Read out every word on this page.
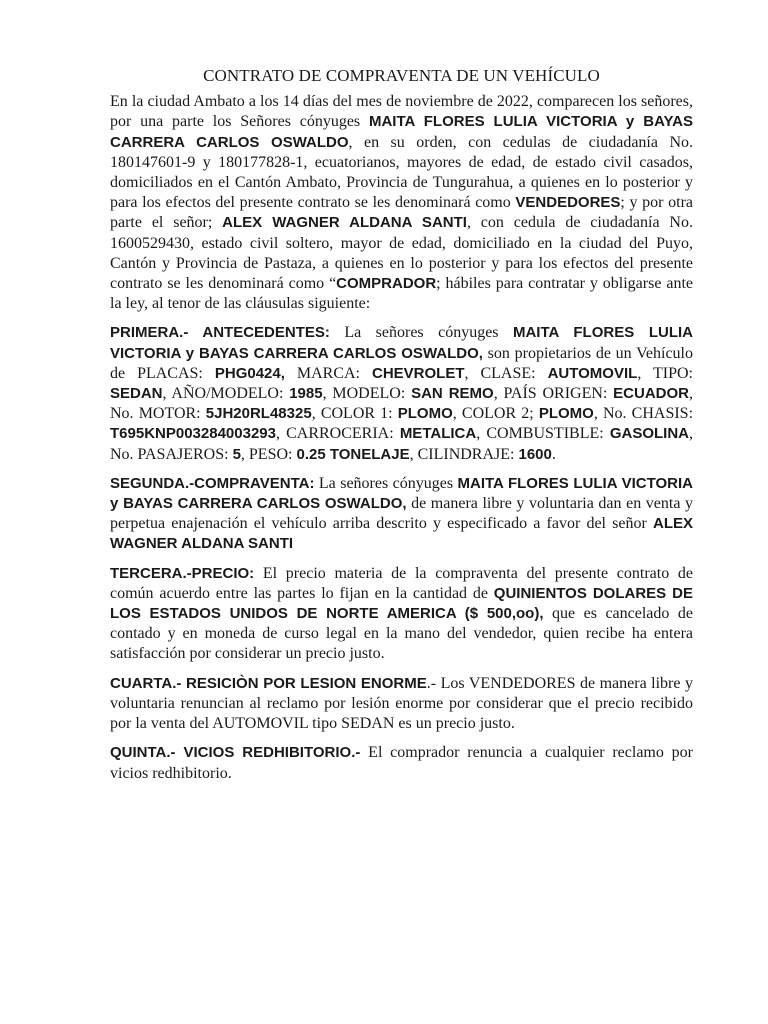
CONTRATO DE COMPRAVENTA DE UN VEHÍCULO

En la ciudad Ambato a los 14 días del mes de noviembre de 2022, comparecen los señores, por una parte los Señores cónyuges MAITA FLORES LULIA VICTORIA y BAYAS CARRERA CARLOS OSWALDO, en su orden, con cedulas de ciudadanía No. 180147601-9 y 180177828-1, ecuatorianos, mayores de edad, de estado civil casados, domiciliados en el Cantón Ambato, Provincia de Tungurahua, a quienes en lo posterior y para los efectos del presente contrato se les denominará como VENDEDORES; y por otra parte el señor; ALEX WAGNER ALDANA SANTI, con cedula de ciudadanía No. 1600529430, estado civil soltero, mayor de edad, domiciliado en la ciudad del Puyo, Cantón y Provincia de Pastaza, a quienes en lo posterior y para los efectos del presente contrato se les denominará como “COMPRADOR; hábiles para contratar y obligarse ante la ley, al tenor de las cláusulas siguiente:

PRIMERA.- ANTECEDENTES: La señores cónyuges MAITA FLORES LULIA VICTORIA y BAYAS CARRERA CARLOS OSWALDO, son propietarios de un Vehículo de PLACAS: PHG0424, MARCA: CHEVROLET, CLASE: AUTOMOVIL, TIPO: SEDAN, AÑO/MODELO: 1985, MODELO: SAN REMO, PAÍS ORIGEN: ECUADOR, No. MOTOR: 5JH20RL48325, COLOR 1: PLOMO, COLOR 2; PLOMO, No. CHASIS: T695KNP003284003293, CARROCERIA: METALICA, COMBUSTIBLE: GASOLINA, No. PASAJEROS: 5, PESO: 0.25 TONELAJE, CILINDRAJE: 1600.

SEGUNDA.-COMPRAVENTA: La señores cónyuges MAITA FLORES LULIA VICTORIA y BAYAS CARRERA CARLOS OSWALDO, de manera libre y voluntaria dan en venta y perpetua enajenación el vehículo arriba descrito y especificado a favor del señor ALEX WAGNER ALDANA SANTI

TERCERA.-PRECIO: El precio materia de la compraventa del presente contrato de común acuerdo entre las partes lo fijan en la cantidad de QUINIENTOS DOLARES DE LOS ESTADOS UNIDOS DE NORTE AMERICA ($ 500,oo), que es cancelado de contado y en moneda de curso legal en la mano del vendedor, quien recibe ha entera satisfacción por considerar un precio justo.

CUARTA.- RESICIÒN POR LESION ENORME.- Los VENDEDORES de manera libre y voluntaria renuncian al reclamo por lesión enorme por considerar que el precio recibido por la venta del AUTOMOVIL tipo SEDAN es un precio justo.

QUINTA.- VICIOS REDHIBITORIO.- El comprador renuncia a cualquier reclamo por vicios redhibitorio.
